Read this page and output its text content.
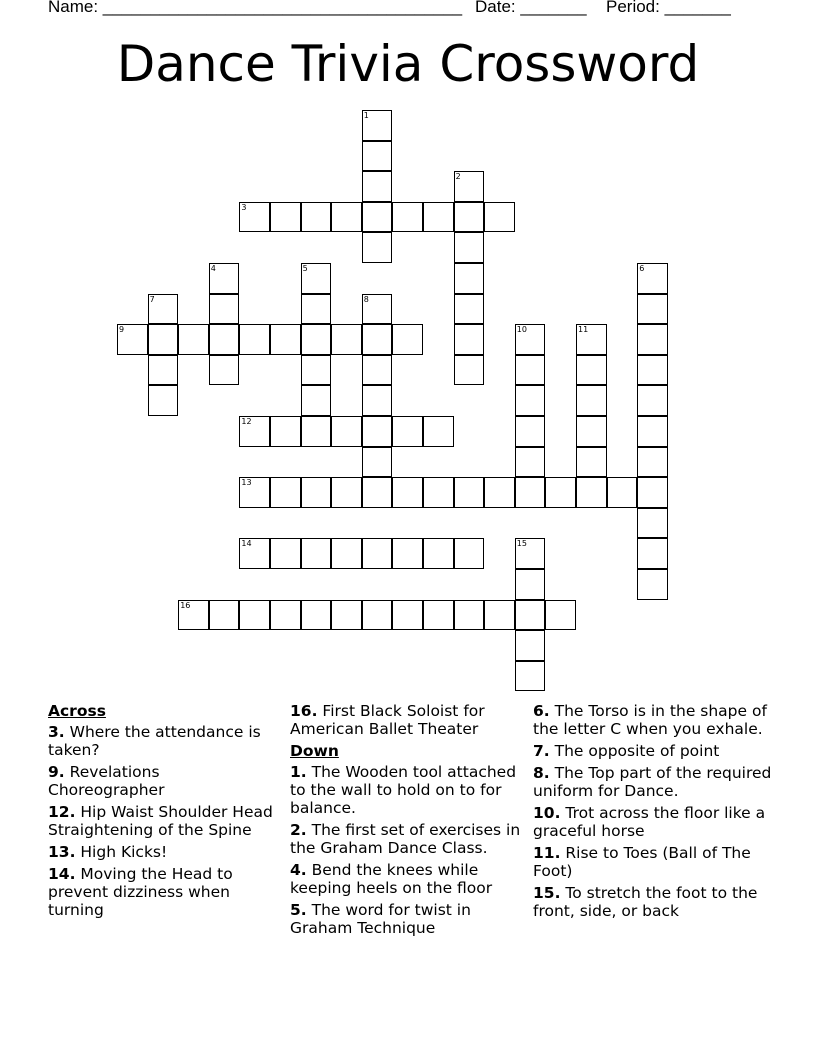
Name: ______________________________________ Date: _______ Period: _______
Dance Trivia Crossword
1
2
3
4	5	6
7	8
9	10	11
12
13
14	15
16
Across
3. Where the attendance is taken?
9. Revelations Choreographer
12. Hip Waist Shoulder Head Straightening of the Spine
13. High Kicks!
14. Moving the Head to prevent dizziness when turning
16. First Black Soloist for American Ballet Theater
Down
1. The Wooden tool attached to the wall to hold on to for balance.
2. The first set of exercises in the Graham Dance Class.
4. Bend the knees while keeping heels on the floor
5. The word for twist in Graham Technique
6. The Torso is in the shape of the letter C when you exhale.
7. The opposite of point
8. The Top part of the required uniform for Dance.
10. Trot across the floor like a graceful horse
11. Rise to Toes (Ball of The Foot)
15. To stretch the foot to the front, side, or back
